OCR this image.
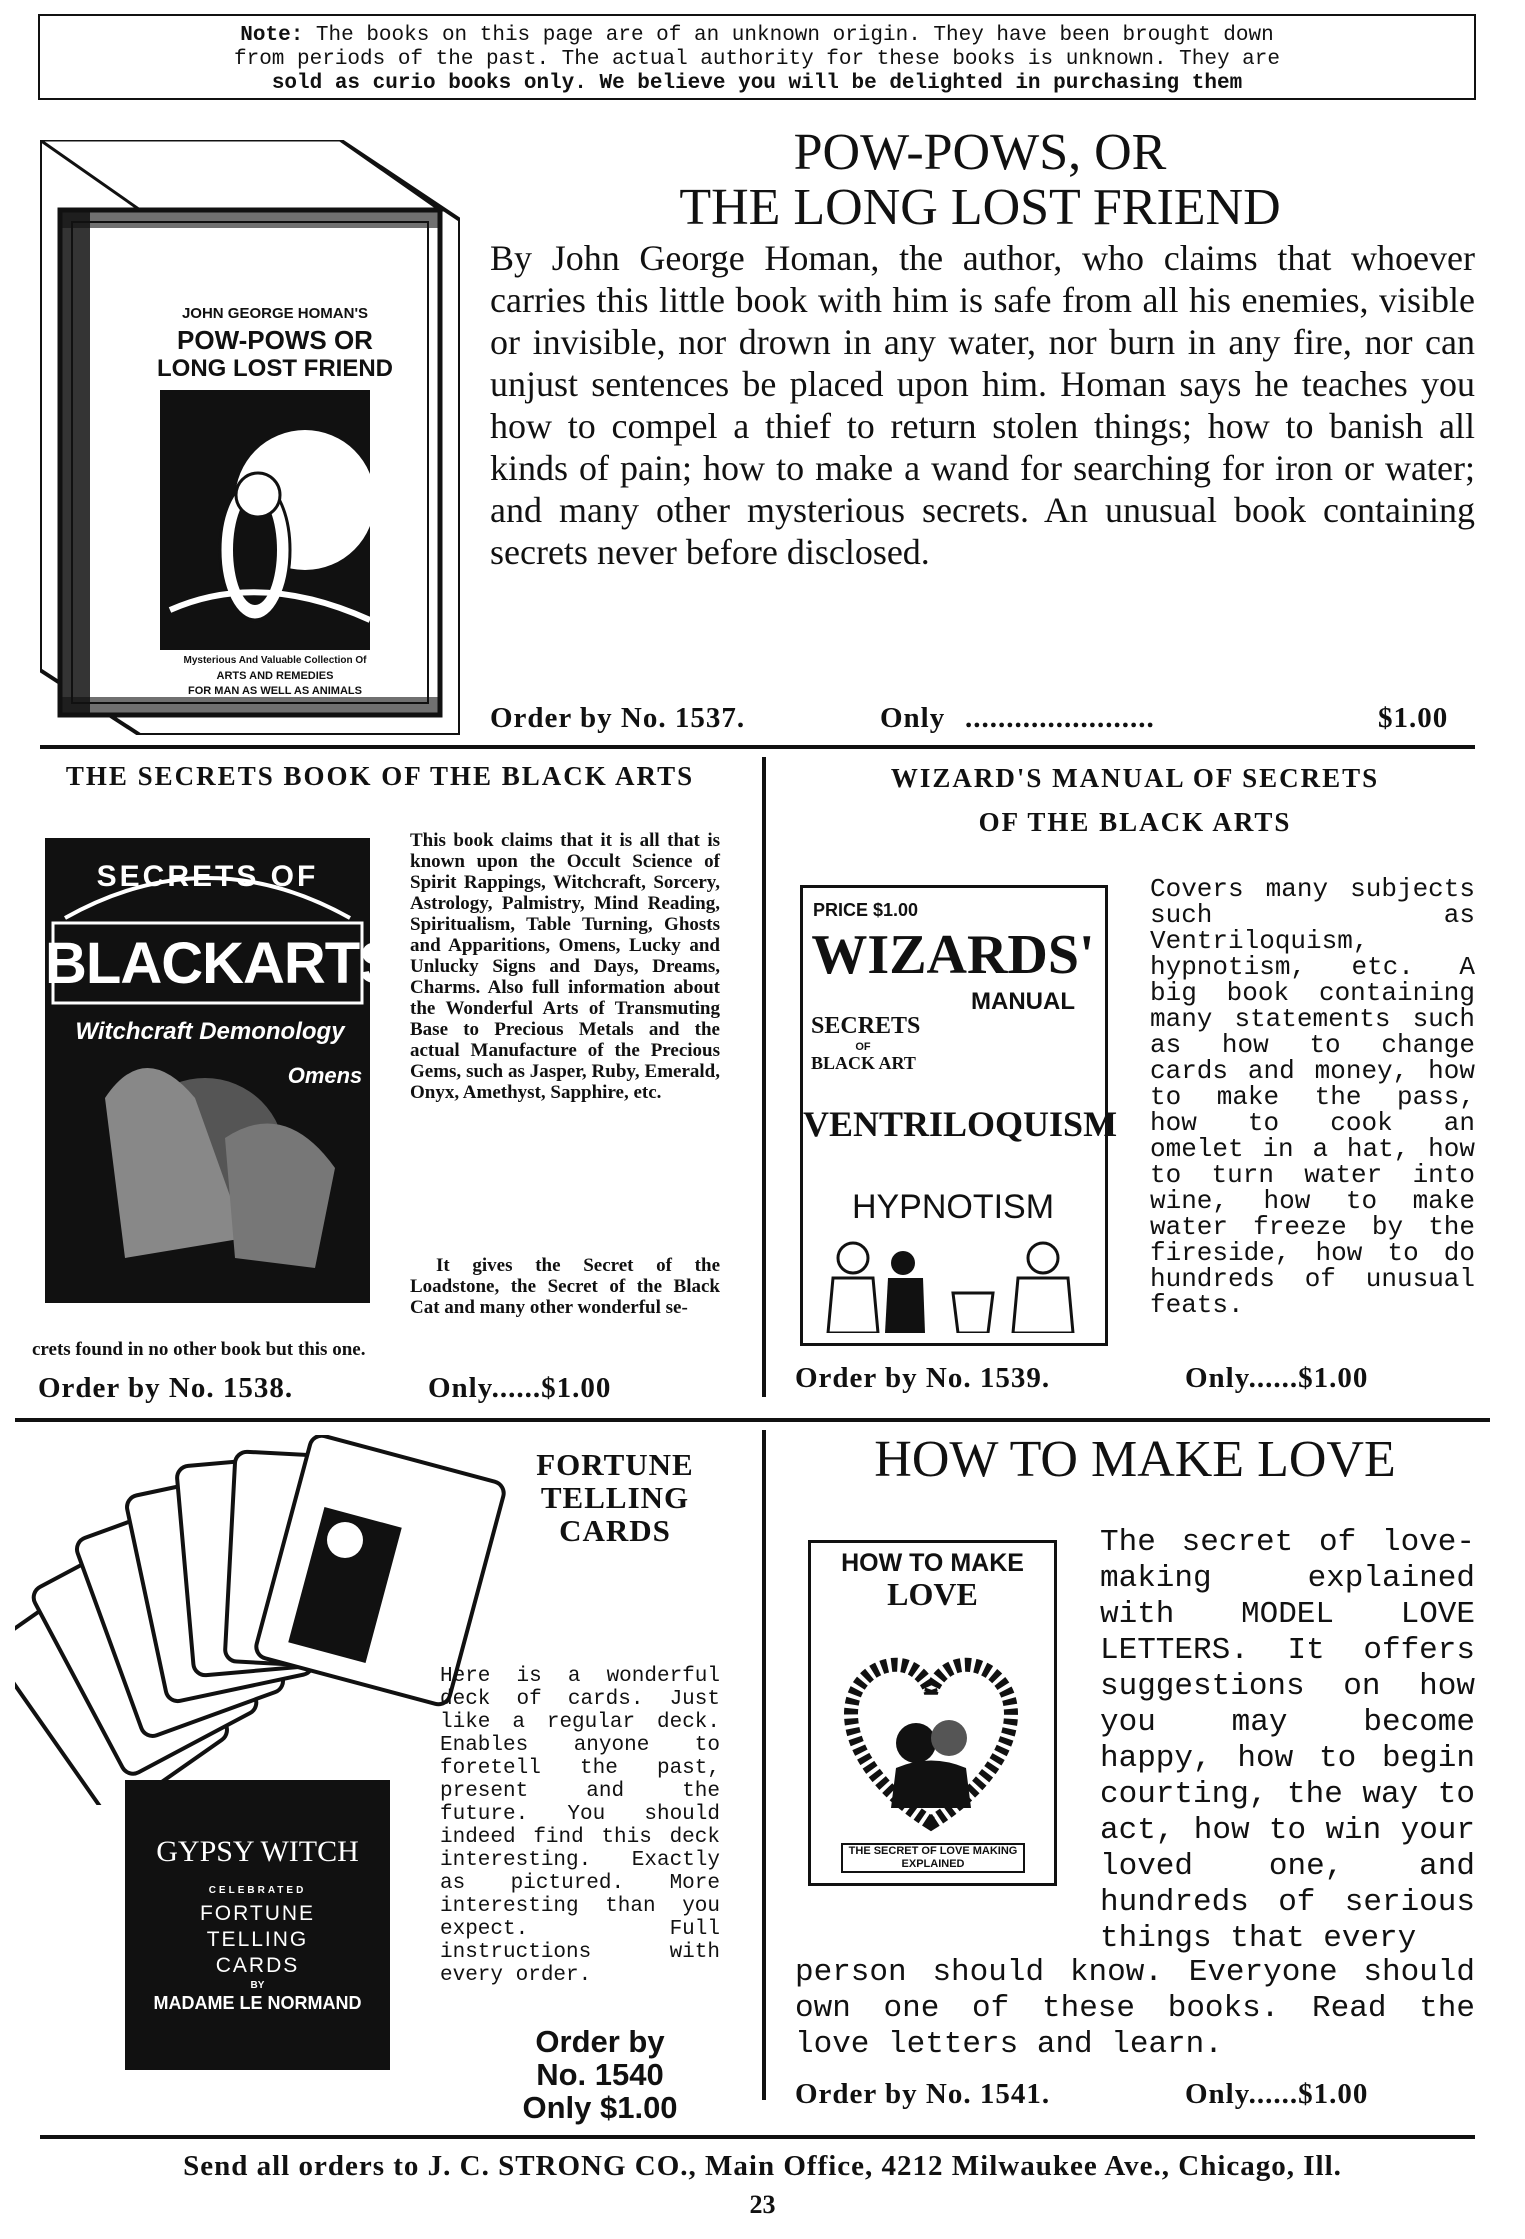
Note: The books on this page are of an unknown origin. They have been brought down
from periods of the past. The actual authority for these books is unknown. They are
sold as curio books only. We believe you will be delighted in purchasing them
JOHN GEORGE HOMAN'S
POW-POWS OR
LONG LOST FRIEND
Mysterious And Valuable Collection Of
ARTS AND REMEDIES
FOR MAN AS WELL AS ANIMALS
POW-POWS, OR
THE LONG LOST FRIEND
By John George Homan, the author, who claims that whoever carries this little book with him is safe from all his enemies, visible or invisible, nor drown in any water, nor burn in any fire, nor can unjust sentences be placed upon him. Homan says he teaches you how to compel a thief to return stolen things; how to banish all kinds of pain; how to make a wand for searching for iron or water; and many other mysterious secrets. An unusual book containing secrets never before disclosed.
Order by No. 1537.	Only .......................	$1.00
THE SECRETS BOOK OF THE BLACK ARTS
SECRETS OF
BLACKARTS
Witchcraft Demonology
Omens
This book claims that it is all that is known upon the Occult Science of Spirit Rappings, Witchcraft, Sorcery, Astrology, Palmistry, Mind Reading, Spiritualism, Table Turning, Ghosts and Apparitions, Omens, Lucky and Unlucky Signs and Days, Dreams, Charms. Also full information about the Wonderful Arts of Transmuting Base to Precious Metals and the actual Manufacture of the Precious Gems, such as Jasper, Ruby, Emerald, Onyx, Amethyst, Sapphire, etc.
It gives the Secret of the Loadstone, the Secret of the Black Cat and many other wonderful se-
crets found in no other book but this one.
Order by No. 1538.	Only......$1.00
WIZARD'S MANUAL OF SECRETS
OF THE BLACK ARTS
PRICE $1.00
WIZARDS'
MANUAL
SECRETS
OF
BLACK ART
VENTRILOQUISM
HYPNOTISM
Covers many subjects such as Ventriloquism, hypnotism, etc. A big book containing many statements such as how to change cards and money, how to make the pass, how to cook an omelet in a hat, how to turn water into wine, how to make water freeze by the fireside, how to do hundreds of unusual feats.
Order by No. 1539.	Only......$1.00
GYPSY WITCH
CELEBRATED
FORTUNE
TELLING
CARDS
BY
MADAME LE NORMAND
FORTUNE
TELLING
CARDS
Here is a wonderful deck of cards. Just like a regular deck. Enables anyone to foretell the past, present and the future. You should indeed find this deck interesting. Exactly as pictured. More interesting than you expect. Full instructions with every order.
Order by
No. 1540
Only $1.00
HOW TO MAKE LOVE
HOW TO MAKE
LOVE
THE SECRET OF LOVE MAKING EXPLAINED
The secret of love-making explained with MODEL LOVE LETTERS. It offers suggestions on how you may become happy, how to begin courting, the way to act, how to win your loved one, and hundreds of serious things that every
person should know. Everyone should own one of these books. Read the love letters and learn.
Order by No. 1541.	Only......$1.00
Send all orders to J. C. STRONG CO., Main Office, 4212 Milwaukee Ave., Chicago, Ill.
23
